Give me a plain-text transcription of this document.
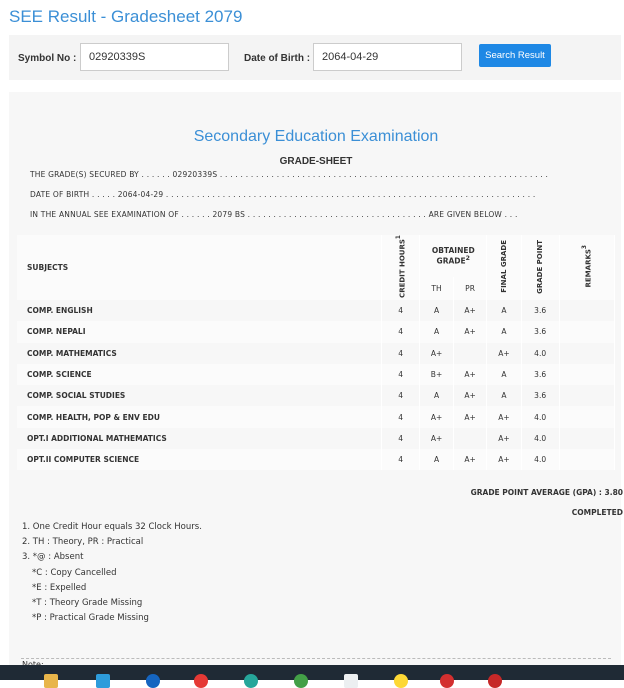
SEE Result - Gradesheet 2079
Symbol No :	02920339S	Date of Birth :	2064-04-29	Search Result
Secondary Education Examination
GRADE-SHEET
THE GRADE(S) SECURED BY . . . . . . 02920339S . . . . . . . . . . . . . . . . . . . . . . . . . . . . . . . . . . . . . . . . . . . . . . . . . . . . . . . . . . . . . . . .
DATE OF BIRTH . . . . . 2064-04-29 . . . . . . . . . . . . . . . . . . . . . . . . . . . . . . . . . . . . . . . . . . . . . . . . . . . . . . . . . . . . . . . . . . . . . . . .
IN THE ANNUAL SEE EXAMINATION OF . . . . . . 2079 BS . . . . . . . . . . . . . . . . . . . . . . . . . . . . . . . . . . . ARE GIVEN BELOW . . .
SUBJECTS	CREDIT HOURS$^1$	OBTAINED GRADE$^2$		FINAL GRADE	GRADE POINT	REMARKS$^3$
		TH	PR			
COMP. ENGLISH	4	A	A+	A	3.6	
COMP. NEPALI	4	A	A+	A	3.6	
COMP. MATHEMATICS	4	A+		A+	4.0	
COMP. SCIENCE	4	B+	A+	A	3.6	
COMP. SOCIAL STUDIES	4	A	A+	A	3.6	
COMP. HEALTH, POP & ENV EDU	4	A+	A+	A+	4.0	
OPT.I ADDITIONAL MATHEMATICS	4	A+		A+	4.0	
OPT.II COMPUTER SCIENCE	4	A	A+	A+	4.0	
GRADE POINT AVERAGE (GPA) : 3.80
COMPLETED
1. One Credit Hour equals 32 Clock Hours.
2. TH : Theory, PR : Practical
3. *@ : Absent
*C : Copy Cancelled
*E : Expelled
*T : Theory Grade Missing
*P : Practical Grade Missing
